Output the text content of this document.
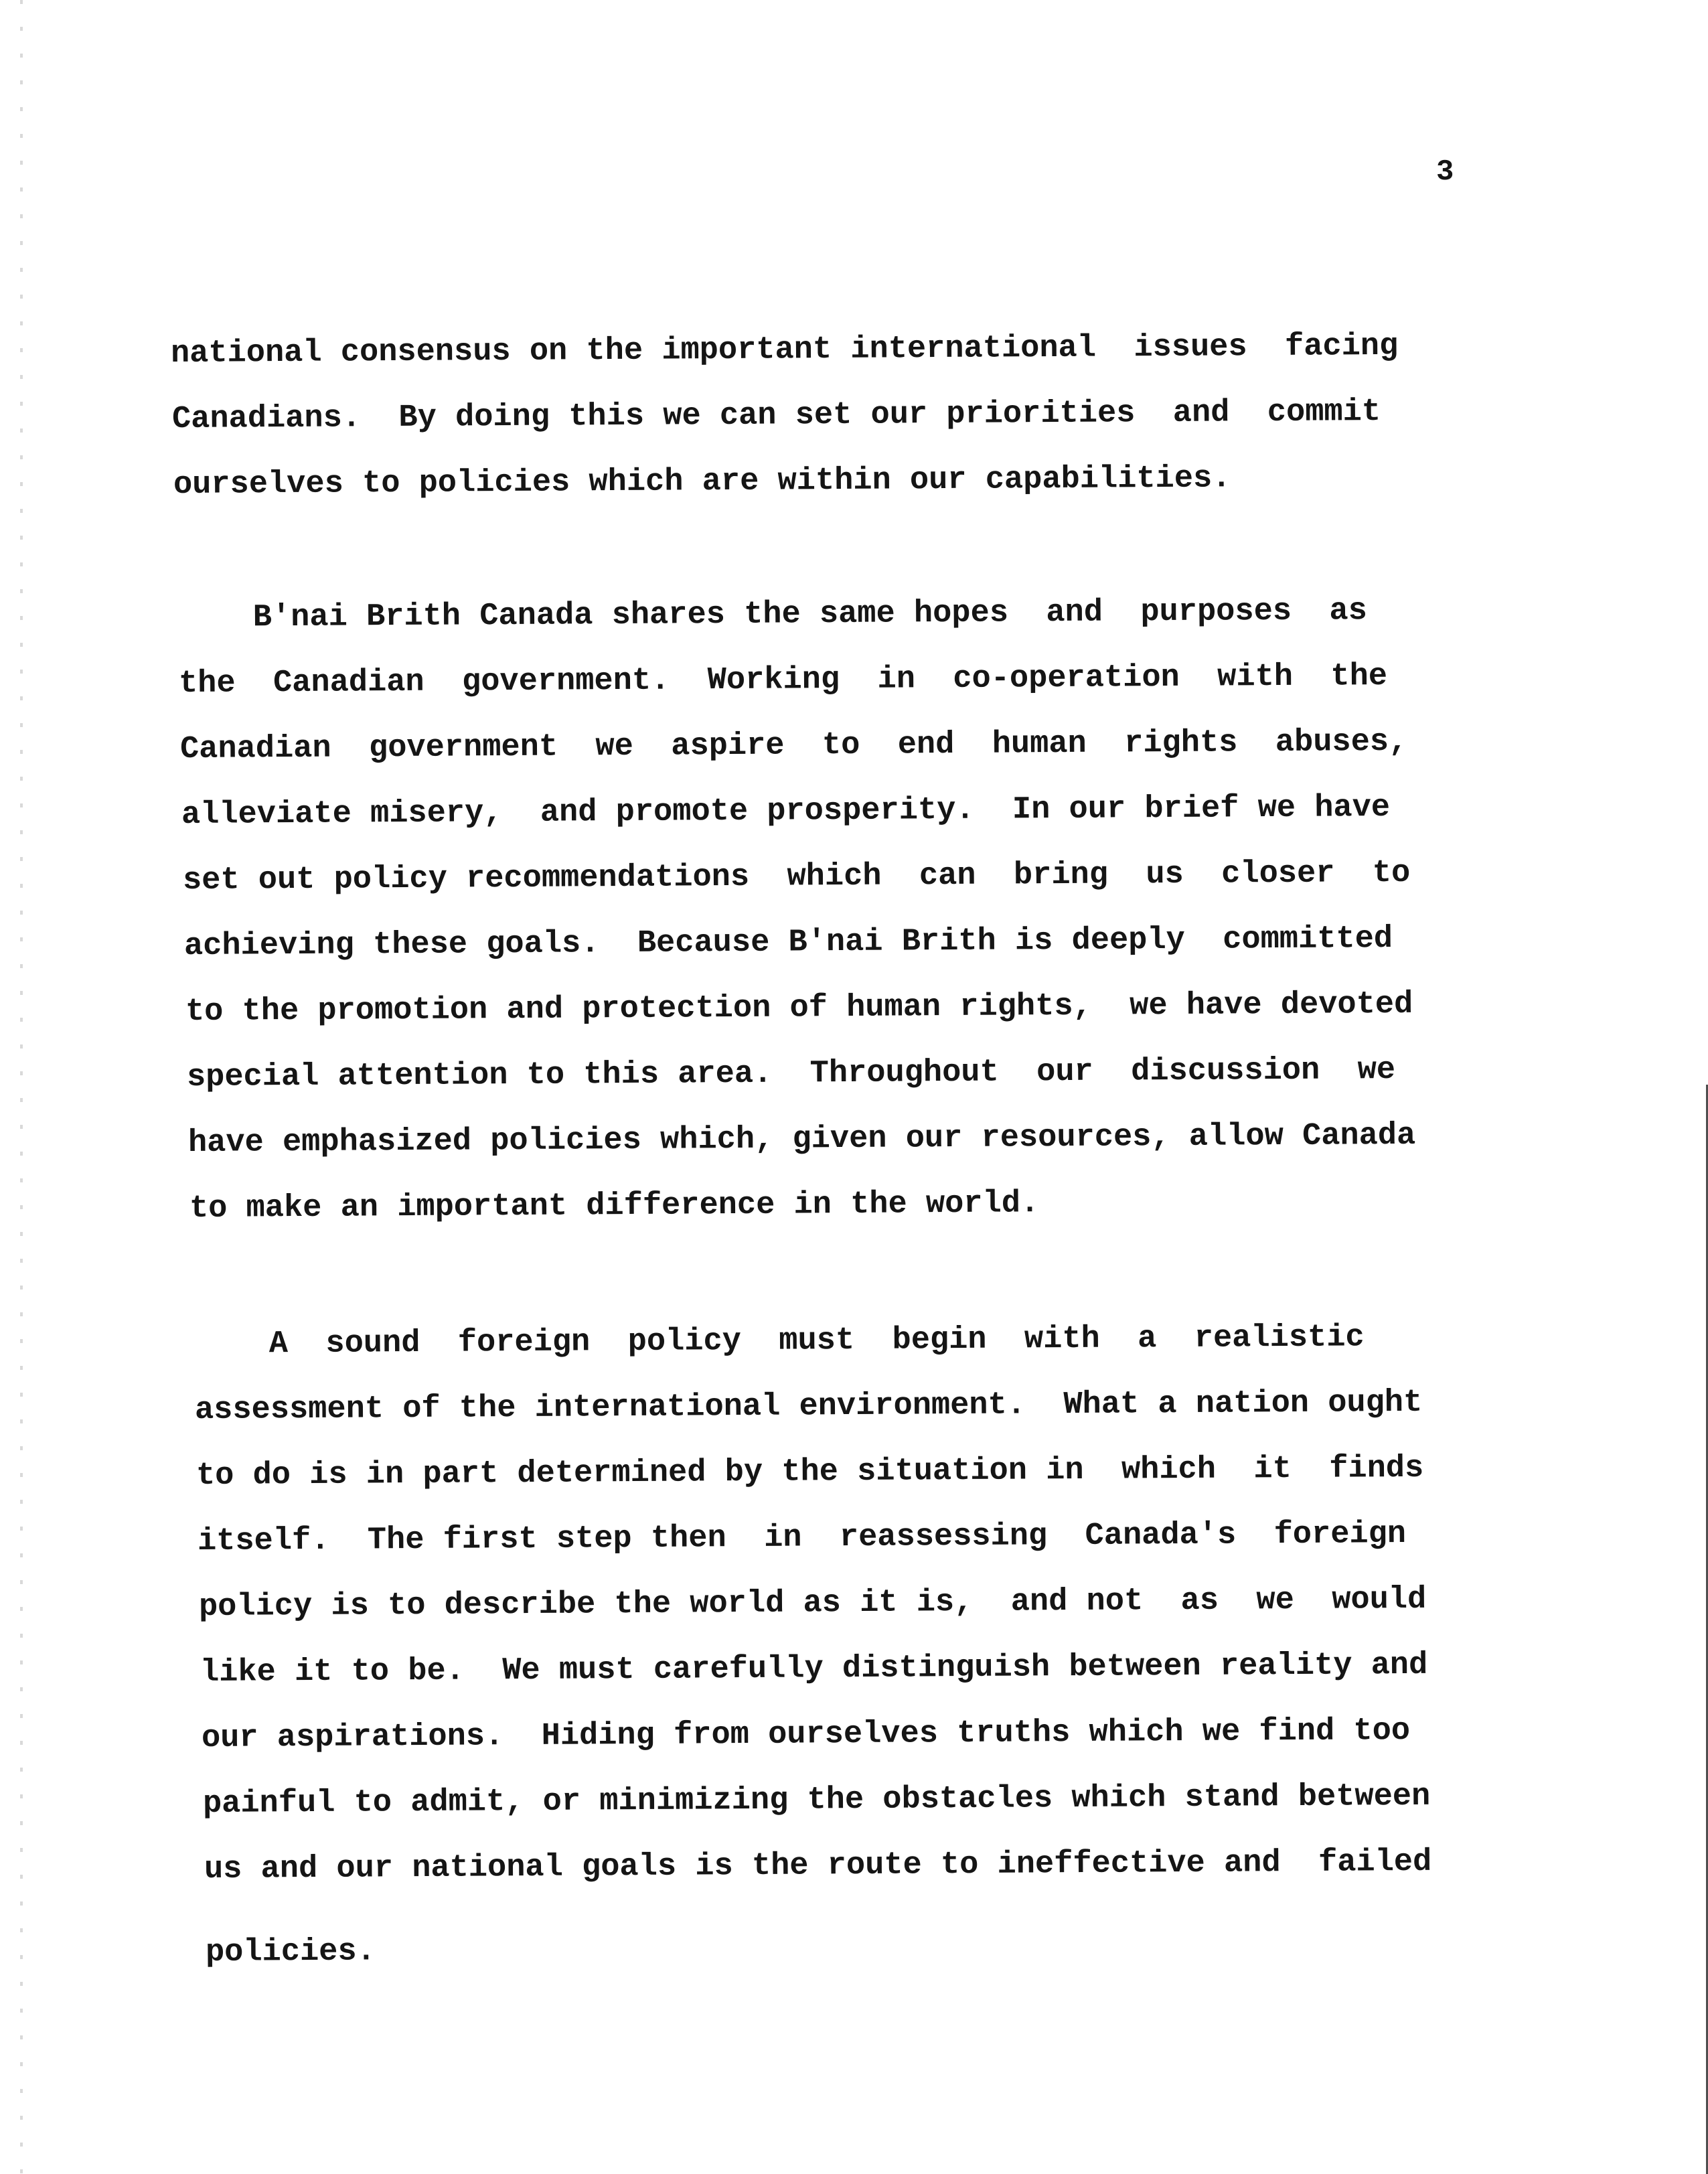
3
national consensus on the important international  issues  facing
Canadians.  By doing this we can set our priorities  and  commit
ourselves to policies which are within our capabilities.
B'nai Brith Canada shares the same hopes  and  purposes  as
the  Canadian  government.  Working  in  co-operation  with  the
Canadian  government  we  aspire  to  end  human  rights  abuses,
alleviate misery,  and promote prosperity.  In our brief we have
set out policy recommendations  which  can  bring  us  closer  to
achieving these goals.  Because B'nai Brith is deeply  committed
to the promotion and protection of human rights,  we have devoted
special attention to this area.  Throughout  our  discussion  we
have emphasized policies which, given our resources, allow Canada
to make an important difference in the world.
A  sound  foreign  policy  must  begin  with  a  realistic
assessment of the international environment.  What a nation ought
to do is in part determined by the situation in  which  it  finds
itself.  The first step then  in  reassessing  Canada's  foreign
policy is to describe the world as it is,  and not  as  we  would
like it to be.  We must carefully distinguish between reality and
our aspirations.  Hiding from ourselves truths which we find too
painful to admit, or minimizing the obstacles which stand between
us and our national goals is the route to ineffective and  failed
policies.
